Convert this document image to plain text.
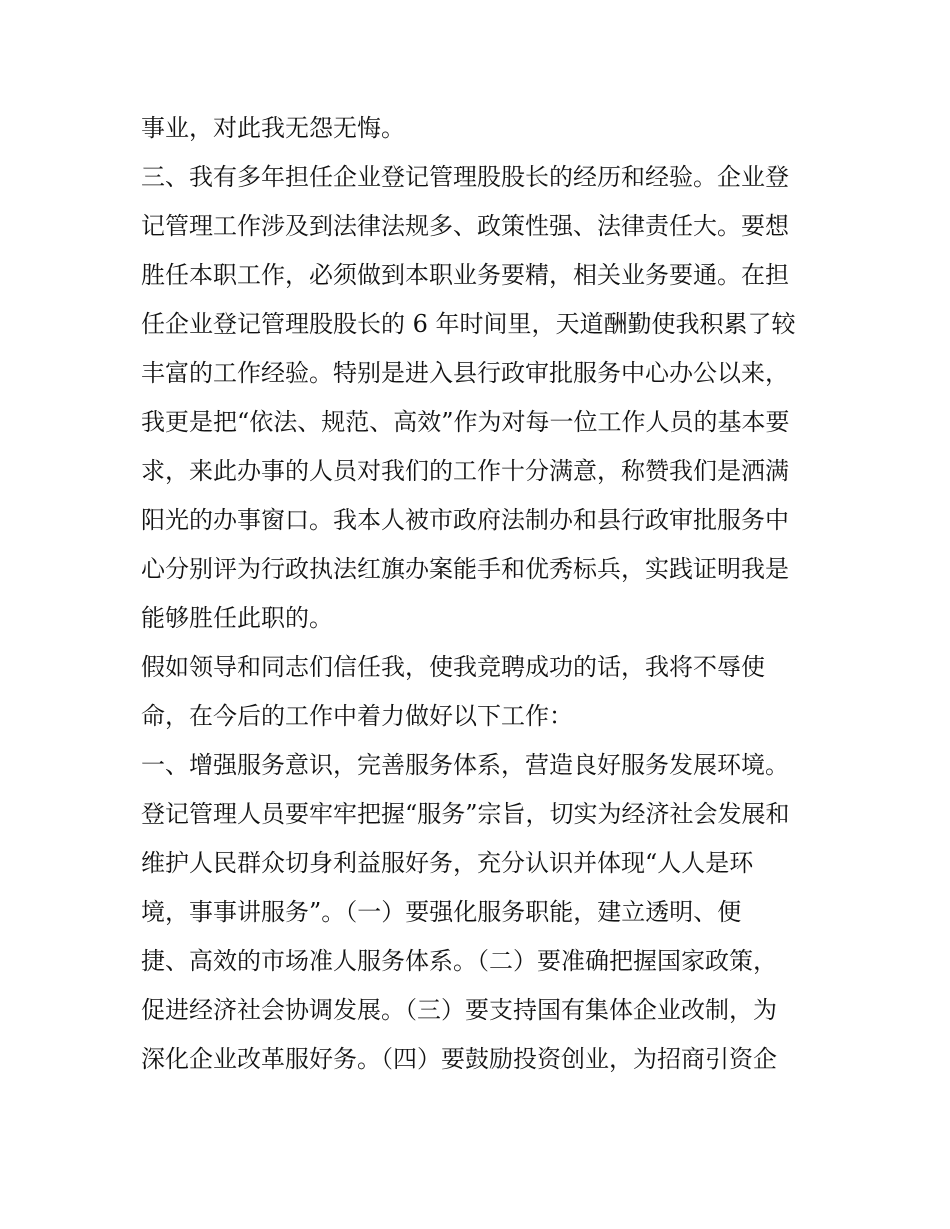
事业，对此我无怨无悔。
三、我有多年担任企业登记管理股股长的经历和经验。企业登
记管理工作涉及到法律法规多、政策性强、法律责任大。要想
胜任本职工作，必须做到本职业务要精，相关业务要通。在担
任企业登记管理股股长的 6 年时间里，天道酬勤使我积累了较
丰富的工作经验。特别是进入县行政审批服务中心办公以来，
我更是把“依法、规范、高效”作为对每一位工作人员的基本要
求，来此办事的人员对我们的工作十分满意，称赞我们是洒满
阳光的办事窗口。我本人被市政府法制办和县行政审批服务中
心分别评为行政执法红旗办案能手和优秀标兵，实践证明我是
能够胜任此职的。
假如领导和同志们信任我，使我竞聘成功的话，我将不辱使
命，在今后的工作中着力做好以下工作：
一、增强服务意识，完善服务体系，营造良好服务发展环境。
登记管理人员要牢牢把握“服务”宗旨，切实为经济社会发展和
维护人民群众切身利益服好务，充分认识并体现“人人是环
境，事事讲服务”。（一）要强化服务职能，建立透明、便
捷、高效的市场准人服务体系。（二）要准确把握国家政策，
促进经济社会协调发展。（三）要支持国有集体企业改制，为
深化企业改革服好务。（四）要鼓励投资创业，为招商引资企
